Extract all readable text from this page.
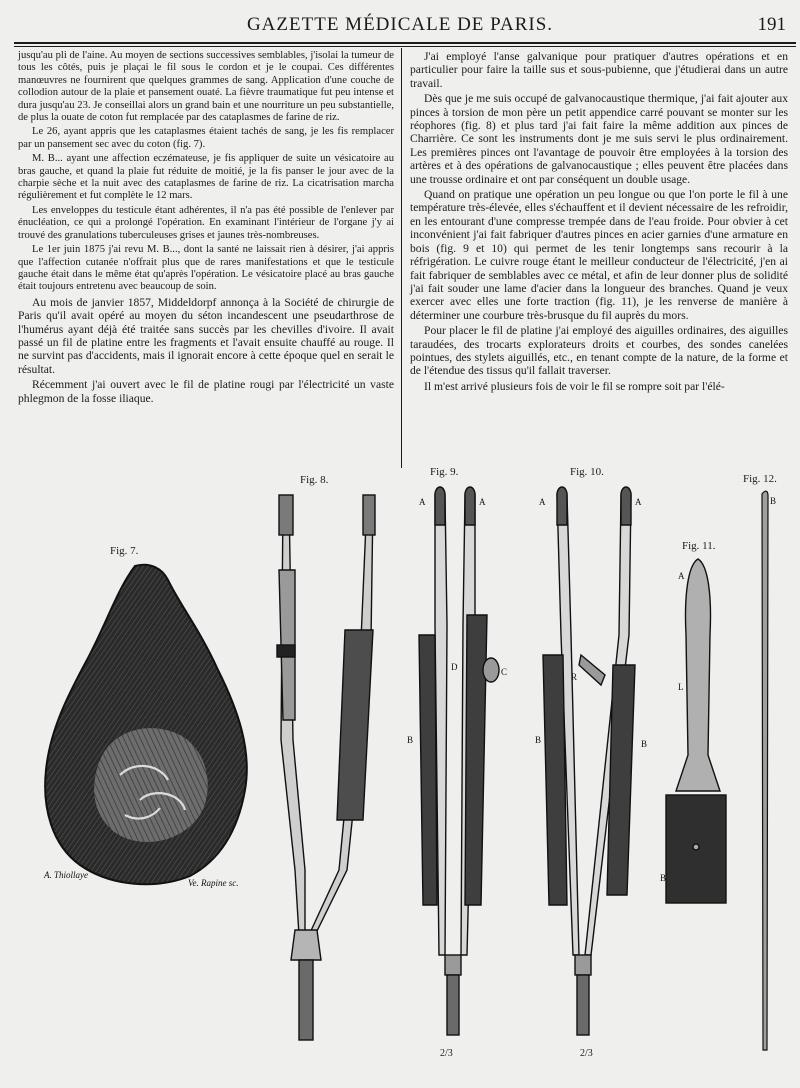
GAZETTE MÉDICALE DE PARIS.	191

jusqu'au pli de l'aine. Au moyen de sections successives semblables, j'isolai la tumeur de tous les côtés, puis je plaçai le fil sous le cordon et je le coupai. Ces différentes manœuvres ne fournirent que quelques grammes de sang. Application d'une couche de collodion autour de la plaie et pansement ouaté. La fièvre traumatique fut peu intense et dura jusqu'au 23. Je conseillai alors un grand bain et une nourriture un peu substantielle, de plus la ouate de coton fut remplacée par des cataplasmes de farine de riz.

Le 26, ayant appris que les cataplasmes étaient tachés de sang, je les fis remplacer par un pansement sec avec du coton (fig. 7).

M. B... ayant une affection eczémateuse, je fis appliquer de suite un vésicatoire au bras gauche, et quand la plaie fut réduite de moitié, je la fis panser le jour avec de la charpie sèche et la nuit avec des cataplasmes de farine de riz. La cicatrisation marcha régulièrement et fut complète le 12 mars.

Les enveloppes du testicule étant adhérentes, il n'a pas été possible de l'enlever par énucléation, ce qui a prolongé l'opération. En examinant l'intérieur de l'organe j'y ai trouvé des granulations tuberculeuses grises et jaunes très-nombreuses.

Le 1er juin 1875 j'ai revu M. B..., dont la santé ne laissait rien à désirer, j'ai appris que l'affection cutanée n'offrait plus que de rares manifestations et que le testicule gauche était dans le même état qu'après l'opération. Le vésicatoire placé au bras gauche était toujours entretenu avec beaucoup de soin.

Au mois de janvier 1857, Middeldorpf annonça à la Société de chirurgie de Paris qu'il avait opéré au moyen du séton incandescent une pseudarthrose de l'humérus ayant déjà été traitée sans succès par les chevilles d'ivoire. Il avait passé un fil de platine entre les fragments et l'avait ensuite chauffé au rouge. Il ne survint pas d'accidents, mais il ignorait encore à cette époque quel en serait le résultat.

Récemment j'ai ouvert avec le fil de platine rougi par l'électricité un vaste phlegmon de la fosse iliaque.

J'ai employé l'anse galvanique pour pratiquer d'autres opérations et en particulier pour faire la taille sus et sous-pubienne, que j'étudierai dans un autre travail.

Dès que je me suis occupé de galvanocaustique thermique, j'ai fait ajouter aux pinces à torsion de mon père un petit appendice carré pouvant se monter sur les réophores (fig. 8) et plus tard j'ai fait faire la même addition aux pinces de Charrière. Ce sont les instruments dont je me suis servi le plus ordinairement. Les premières pinces ont l'avantage de pouvoir être employées à la torsion des artères et à des opérations de galvanocaustique ; elles peuvent être placées dans une trousse ordinaire et ont par conséquent un double usage.

Quand on pratique une opération un peu longue ou que l'on porte le fil à une température très-élevée, elles s'échauffent et il devient nécessaire de les refroidir, en les entourant d'une compresse trempée dans de l'eau froide. Pour obvier à cet inconvénient j'ai fait fabriquer d'autres pinces en acier garnies d'une armature en bois (fig. 9 et 10) qui permet de les tenir longtemps sans recourir à la réfrigération. Le cuivre rouge étant le meilleur conducteur de l'électricité, j'en ai fait fabriquer de semblables avec ce métal, et afin de leur donner plus de solidité j'ai fait souder une lame d'acier dans la longueur des branches. Quand je veux exercer avec elles une forte traction (fig. 11), je les renverse de manière à déterminer une courbure très-brusque du fil auprès du mors.

Pour placer le fil de platine j'ai employé des aiguilles ordinaires, des aiguilles taraudées, des trocarts explorateurs droits et courbes, des sondes canelées pointues, des stylets aiguillés, etc., en tenant compte de la nature, de la forme et de l'étendue des tissus qu'il fallait traverser.

Il m'est arrivé plusieurs fois de voir le fil se rompre soit par l'élé-

Fig. 8.
Fig. 7.
Fig. 9.	Fig. 10.
Fig. 11.
Fig. 12.
A. Thiollaye
Ve. Rapine sc.
A	A
B
C
D
2/3
A	A
B	B
R
2/3
A
L
B
B
